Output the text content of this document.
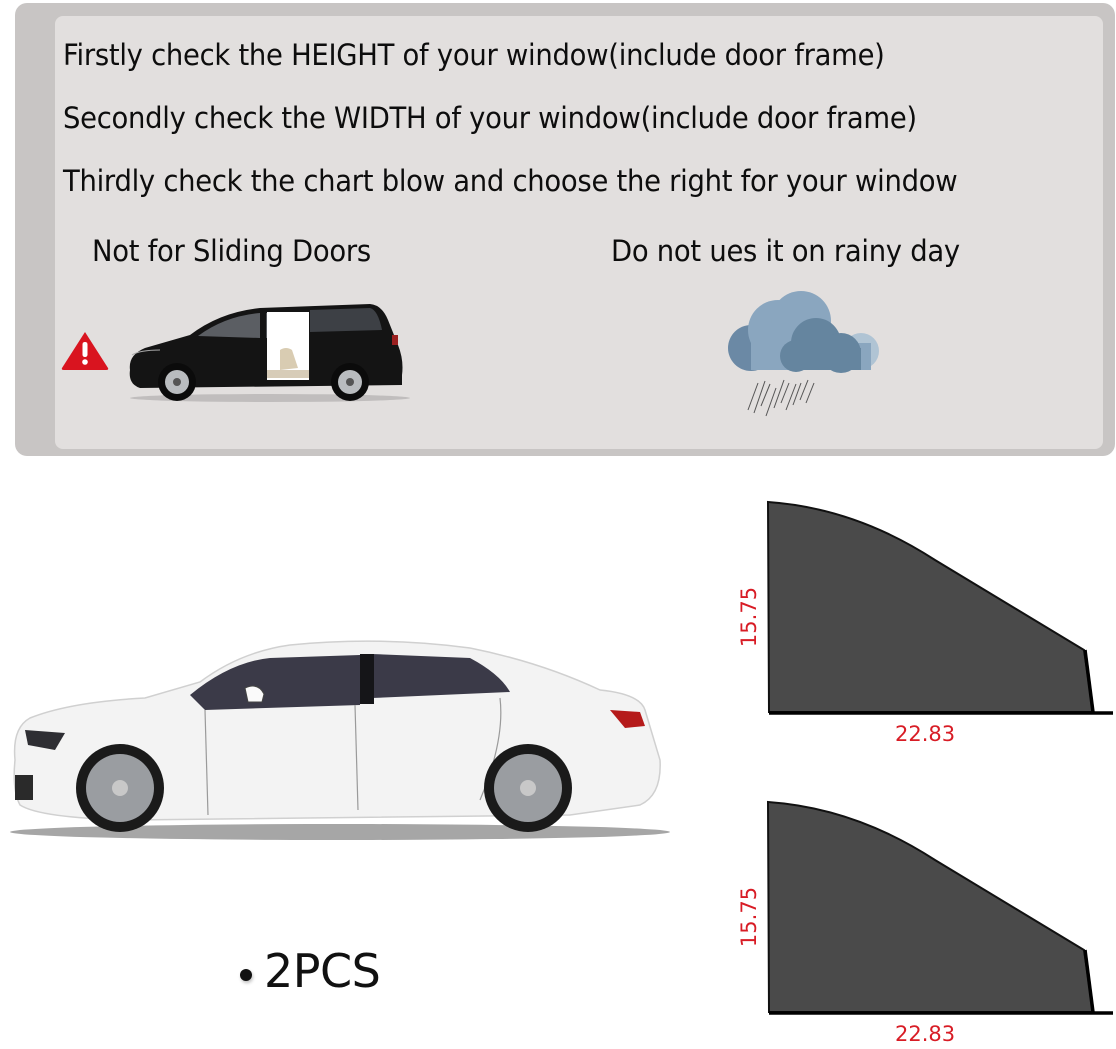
Firstly check the HEIGHT of your window(include door frame)
Secondly check the WIDTH of your window(include door frame)
Thirdly check the chart blow and choose the right for your window
Not for Sliding Doors	Do not ues it on rainy day
2PCS
15.75
22.83
15.75
22.83
